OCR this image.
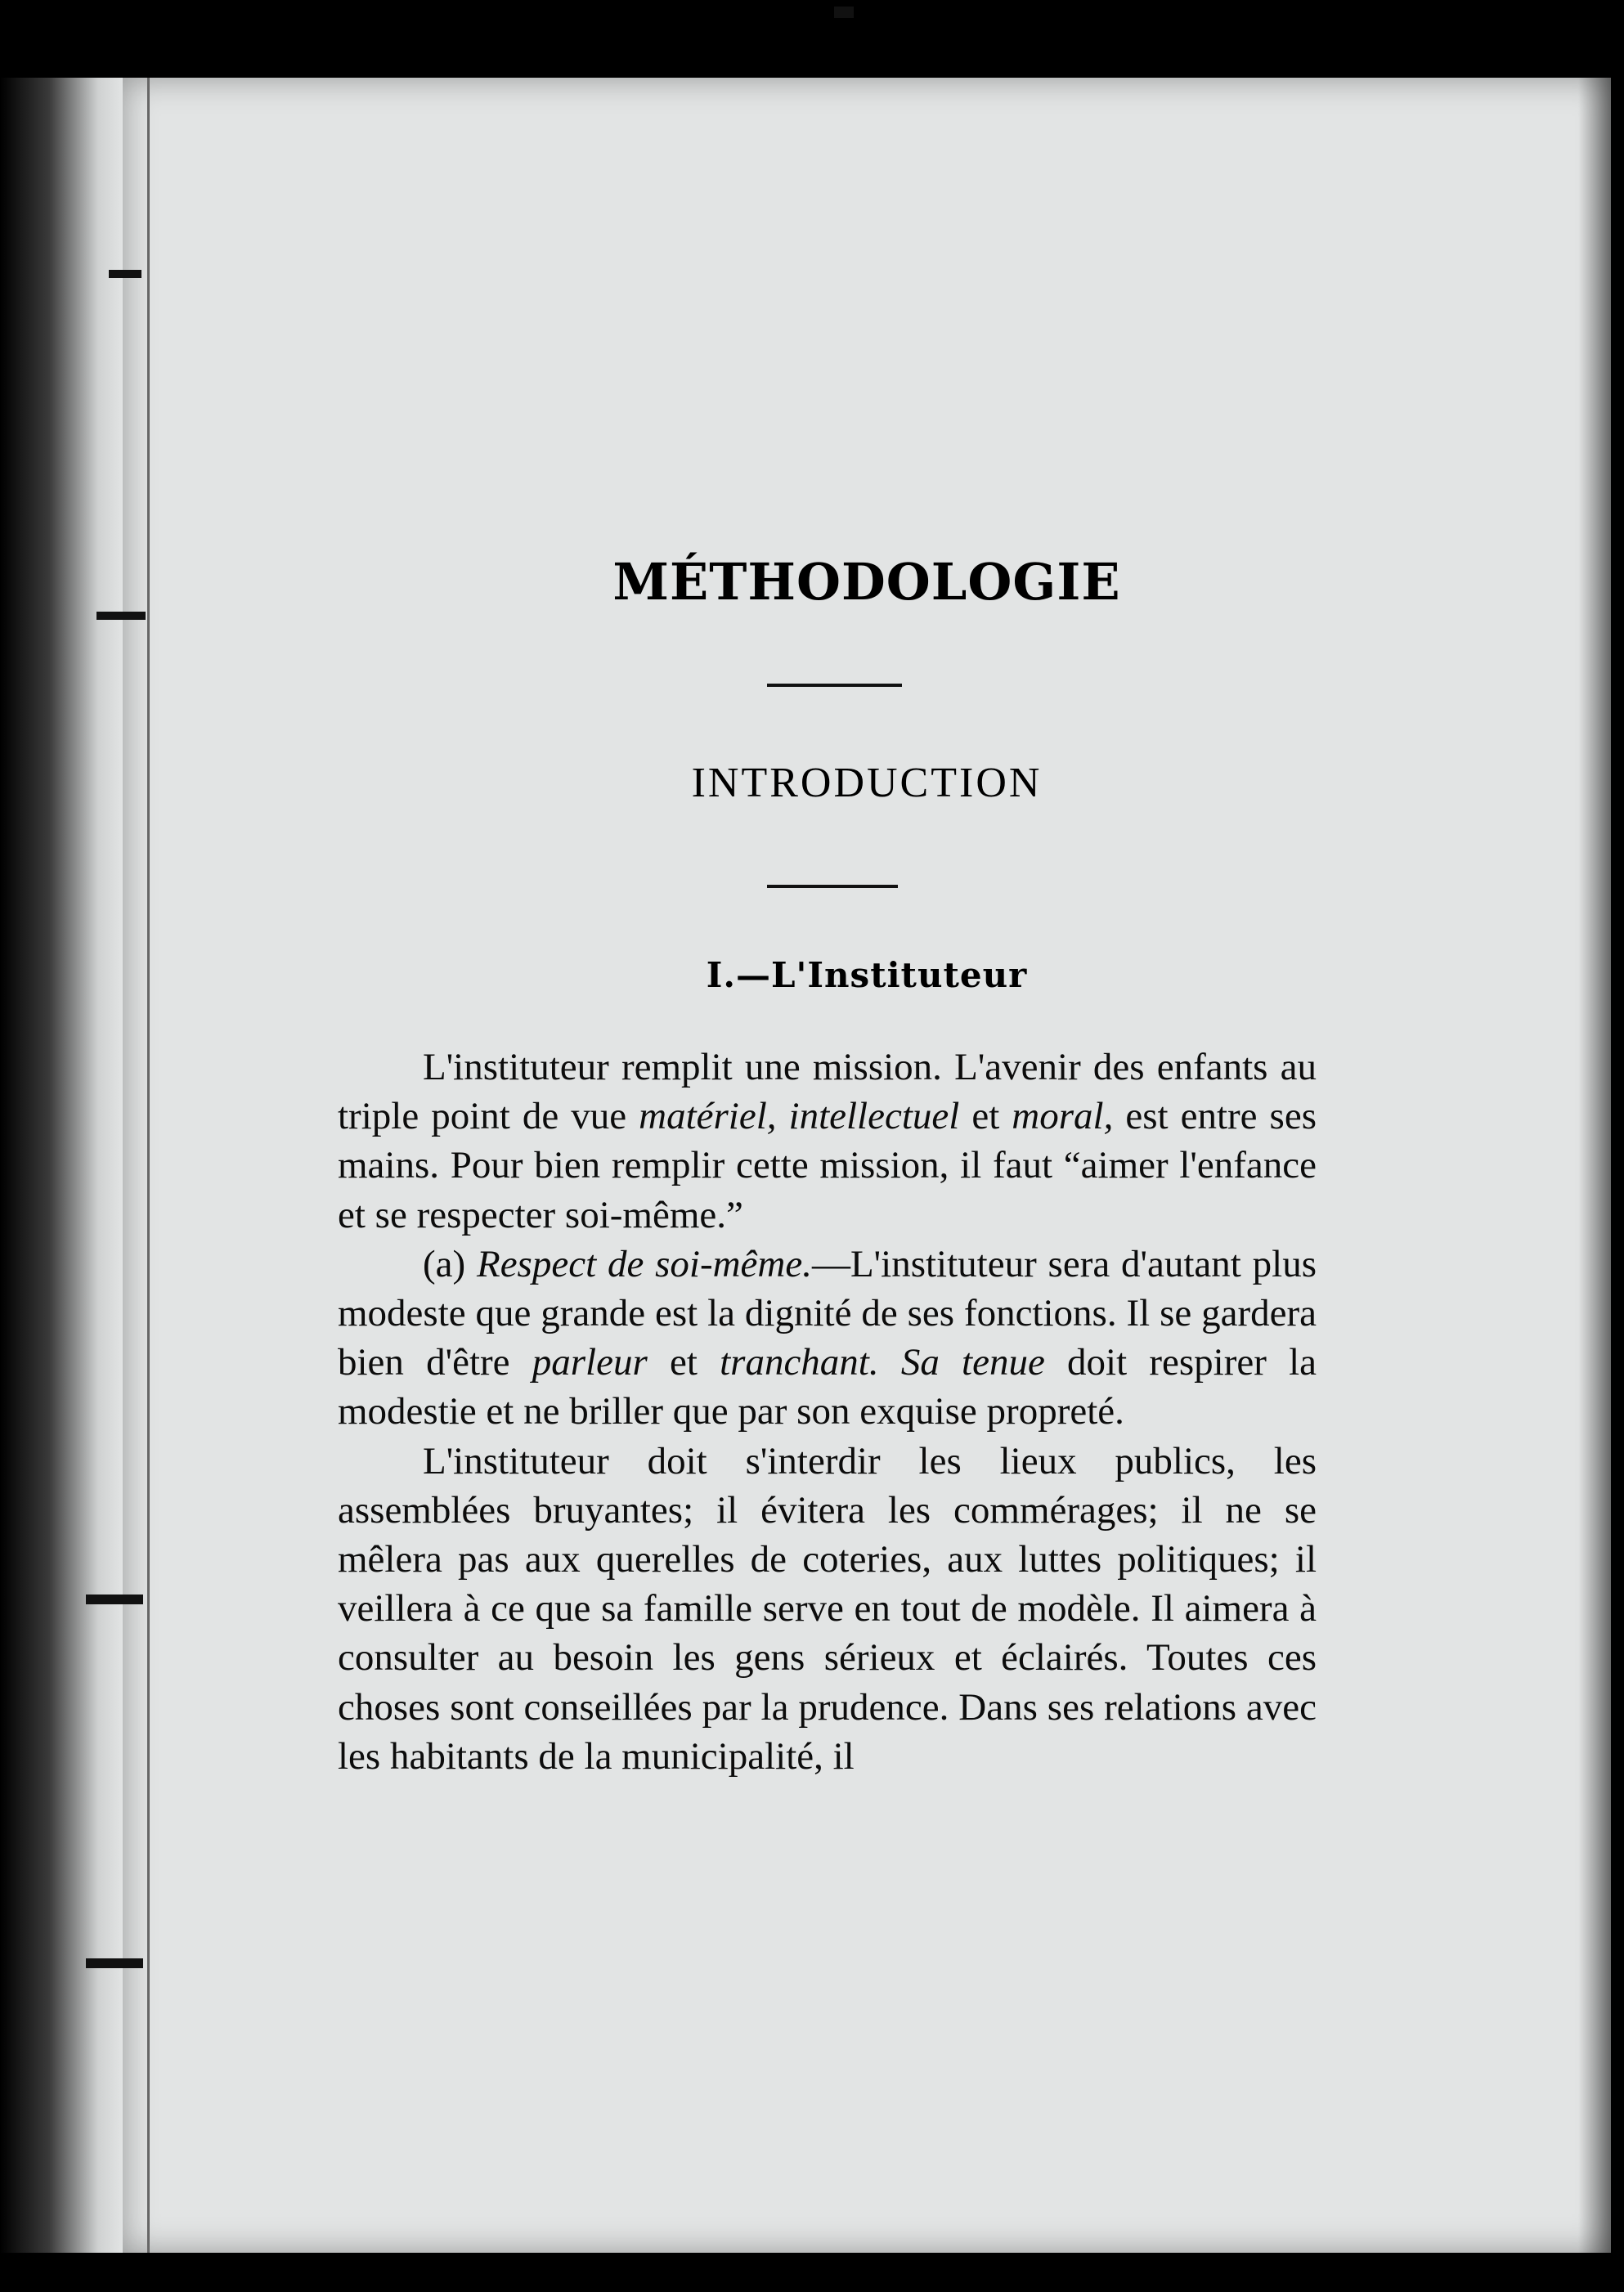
MÉTHODOLOGIE
INTRODUCTION
I.—L'Instituteur

L'instituteur remplit une mission. L'avenir des enfants au triple point de vue matériel, intellectuel et moral, est entre ses mains. Pour bien remplir cette mission, il faut “aimer l'enfance et se respecter soi-même.”

(a) Respect de soi-même.—L'instituteur sera d'autant plus modeste que grande est la dignité de ses fonctions. Il se gardera bien d'être parleur et tranchant. Sa tenue doit respirer la modestie et ne briller que par son exquise propreté.

L'instituteur doit s'interdir les lieux publics, les assemblées bruyantes; il évitera les commérages; il ne se mêlera pas aux querelles de coteries, aux luttes politiques; il veillera à ce que sa famille serve en tout de modèle. Il aimera à consulter au besoin les gens sérieux et éclairés. Toutes ces choses sont conseillées par la prudence. Dans ses relations avec les habitants de la municipalité, il
